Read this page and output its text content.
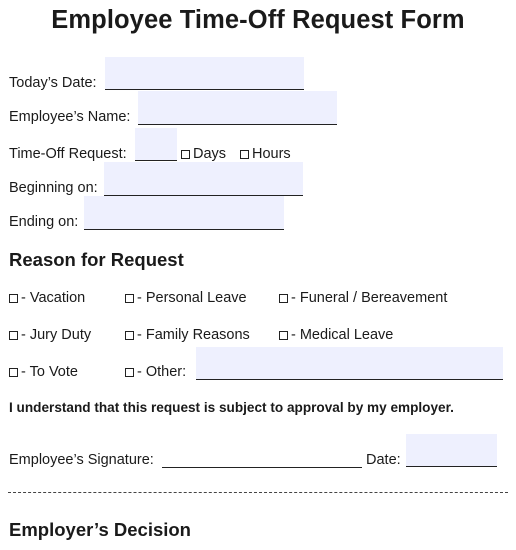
Employee Time-Off Request Form
Today’s Date:
Employee’s Name:
Time-Off Request:	Days	Hours
Beginning on:
Ending on:
Reason for Request
- Vacation	- Personal Leave	- Funeral / Bereavement
- Jury Duty	- Family Reasons	- Medical Leave
- To Vote	- Other:
I understand that this request is subject to approval by my employer.
Employee’s Signature:	Date:
Employer’s Decision
